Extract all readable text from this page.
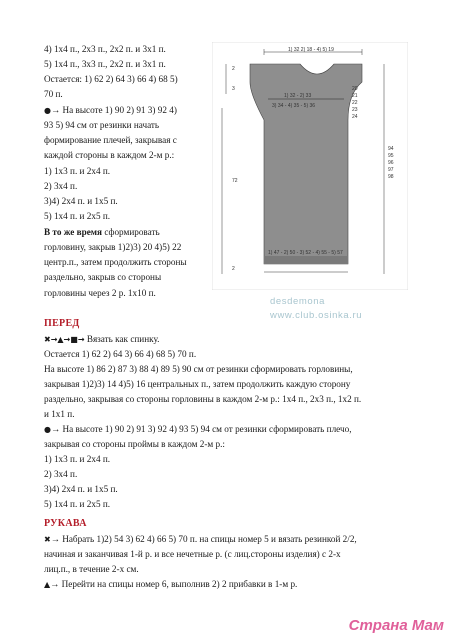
4) 1x4 п., 2x3 п., 2x2 п. и 3x1 п.
5) 1x4 п., 3x3 п., 2x2 п. и 3x1 п.
Остается: 1) 62 2) 64 3) 66 4) 68 5)
70 п.
●→ На высоте 1) 90 2) 91 3) 92 4)
93 5) 94 см от резинки начать
формирование плечей, закрывая с
каждой стороны в каждом 2-м р.:
1) 1x3 п. и 2x4 п.
2) 3x4 п.
3)4) 2x4 п. и 1x5 п.
5) 1x4 п. и 2x5 п.
В то же время сформировать
горловину, закрыв 1)2)3) 20 4)5) 22
центр.п., затем продолжить стороны
раздельно, закрыв со стороны
горловины через 2 р. 1x10 п.
1) 32 2) 18 - 4) 5) 19
2
3
1) 32 - 2) 33
3) 34 - 4) 35 - 5) 36
72
94
95
96
97
98
20
21
22
23
24
1) 47 - 2) 50 - 3) 52 - 4) 55 - 5) 57
2
desdemona
www.club.osinka.ru
ПЕРЕД
✖→▲→■→ Вязать как спинку.
Остается 1) 62 2) 64 3) 66 4) 68 5) 70 п.
На высоте 1) 86 2) 87 3) 88 4) 89 5) 90 см от резинки сформировать горловины,
закрывая 1)2)3) 14 4)5) 16 центральных п., затем продолжить каждую сторону
раздельно, закрывая со стороны горловины в каждом 2-м р.: 1x4 п., 2x3 п., 1x2 п.
и 1x1 п.
●→ На высоте 1) 90 2) 91 3) 92 4) 93 5) 94 см от резинки сформировать плечо,
закрывая со стороны проймы в каждом 2-м р.:
1) 1x3 п. и 2x4 п.
2) 3x4 п.
3)4) 2x4 п. и 1x5 п.
5) 1x4 п. и 2x5 п.
РУКАВА
✖→ Набрать 1)2) 54 3) 62 4) 66 5) 70 п. на спицы номер 5 и вязать резинкой 2/2,
начиная и заканчивая 1-й р. и все нечетные р. (с лиц.стороны изделия) с 2-х
лиц.п., в течение 2-х см.
▲→ Перейти на спицы номер 6, выполнив 2) 2 прибавки в 1-м р.
Страна Мам
